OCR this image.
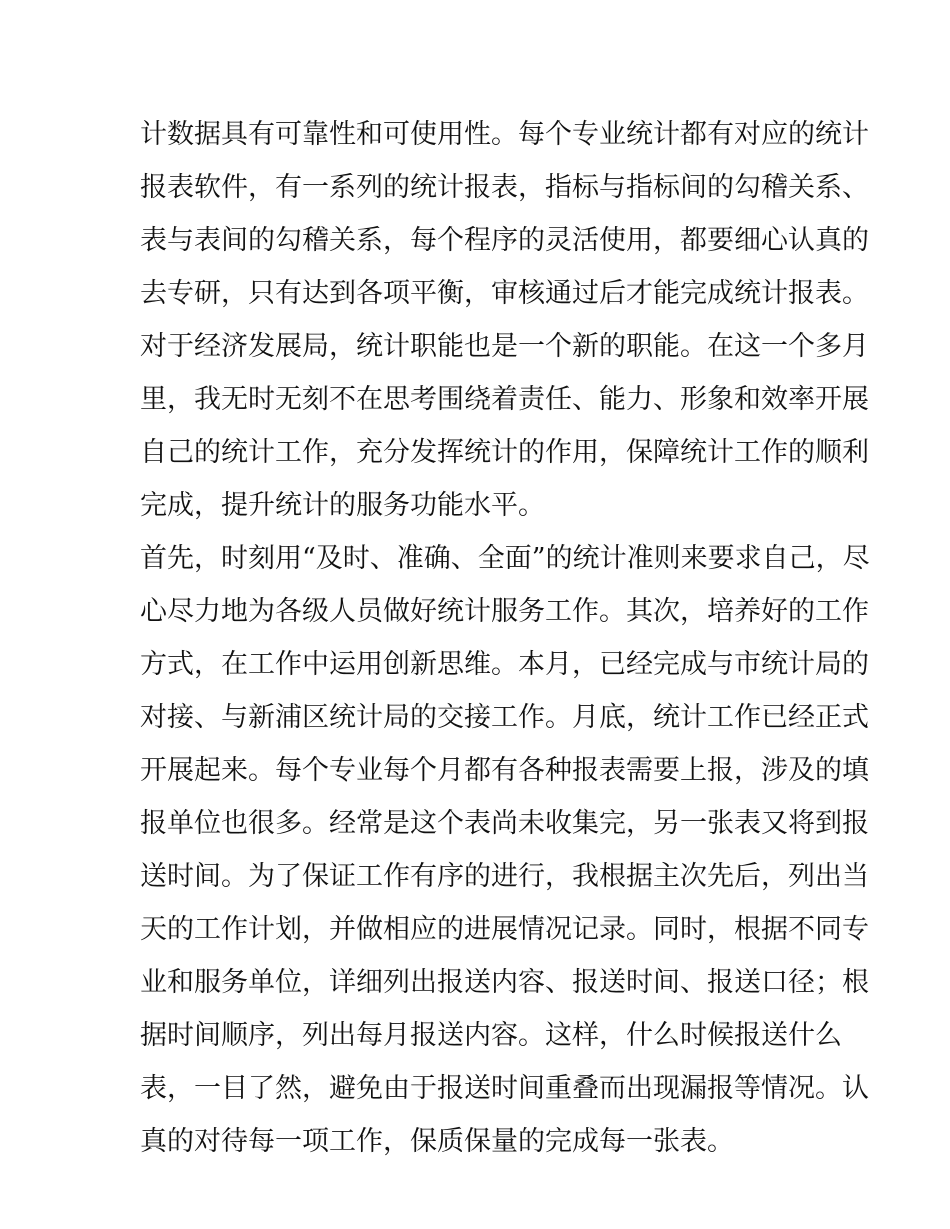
计数据具有可靠性和可使用性。每个专业统计都有对应的统计
报表软件，有一系列的统计报表，指标与指标间的勾稽关系、
表与表间的勾稽关系，每个程序的灵活使用，都要细心认真的
去专研，只有达到各项平衡，审核通过后才能完成统计报表。
对于经济发展局，统计职能也是一个新的职能。在这一个多月
里，我无时无刻不在思考围绕着责任、能力、形象和效率开展
自己的统计工作，充分发挥统计的作用，保障统计工作的顺利
完成，提升统计的服务功能水平。
首先，时刻用“及时、准确、全面”的统计准则来要求自己，尽
心尽力地为各级人员做好统计服务工作。其次，培养好的工作
方式，在工作中运用创新思维。本月，已经完成与市统计局的
对接、与新浦区统计局的交接工作。月底，统计工作已经正式
开展起来。每个专业每个月都有各种报表需要上报，涉及的填
报单位也很多。经常是这个表尚未收集完，另一张表又将到报
送时间。为了保证工作有序的进行，我根据主次先后，列出当
天的工作计划，并做相应的进展情况记录。同时，根据不同专
业和服务单位，详细列出报送内容、报送时间、报送口径；根
据时间顺序，列出每月报送内容。这样，什么时候报送什么
表，一目了然，避免由于报送时间重叠而出现漏报等情况。认
真的对待每一项工作，保质保量的完成每一张表。
